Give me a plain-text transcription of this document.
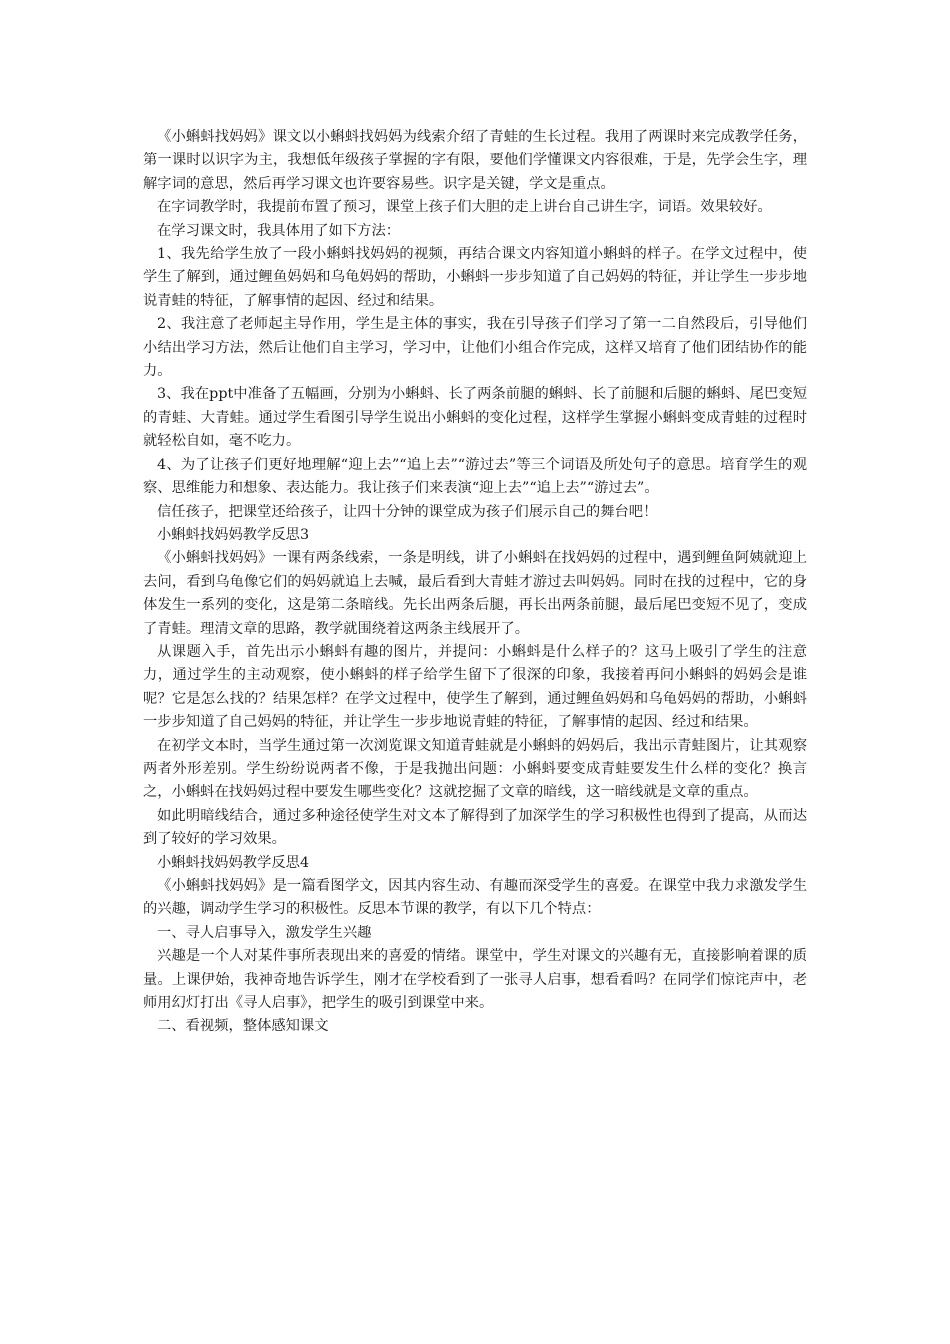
《小蝌蚪找妈妈》课文以小蝌蚪找妈妈为线索介绍了青蛙的生长过程。我用了两课时来完成教学任务，第一课时以识字为主，我想低年级孩子掌握的字有限，要他们学懂课文内容很难，于是，先学会生字，理解字词的意思，然后再学习课文也许要容易些。识字是关键，学文是重点。

在字词教学时，我提前布置了预习，课堂上孩子们大胆的走上讲台自己讲生字，词语。效果较好。

在学习课文时，我具体用了如下方法：

1、我先给学生放了一段小蝌蚪找妈妈的视频，再结合课文内容知道小蝌蚪的样子。在学文过程中，使学生了解到，通过鲤鱼妈妈和乌龟妈妈的帮助，小蝌蚪一步步知道了自己妈妈的特征，并让学生一步步地说青蛙的特征，了解事情的起因、经过和结果。

2、我注意了老师起主导作用，学生是主体的事实，我在引导孩子们学习了第一二自然段后，引导他们小结出学习方法，然后让他们自主学习，学习中，让他们小组合作完成，这样又培育了他们团结协作的能力。

3、我在ppt中准备了五幅画，分别为小蝌蚪、长了两条前腿的蝌蚪、长了前腿和后腿的蝌蚪、尾巴变短的青蛙、大青蛙。通过学生看图引导学生说出小蝌蚪的变化过程，这样学生掌握小蝌蚪变成青蛙的过程时就轻松自如，毫不吃力。

4、为了让孩子们更好地理解“迎上去”“追上去”“游过去”等三个词语及所处句子的意思。培育学生的观察、思维能力和想象、表达能力。我让孩子们来表演“迎上去”“追上去”“游过去”。

信任孩子，把课堂还给孩子，让四十分钟的课堂成为孩子们展示自己的舞台吧！

小蝌蚪找妈妈教学反思3

《小蝌蚪找妈妈》一课有两条线索，一条是明线，讲了小蝌蚪在找妈妈的过程中，遇到鲤鱼阿姨就迎上去问，看到乌龟像它们的妈妈就追上去喊，最后看到大青蛙才游过去叫妈妈。同时在找的过程中，它的身体发生一系列的变化，这是第二条暗线。先长出两条后腿，再长出两条前腿，最后尾巴变短不见了，变成了青蛙。理清文章的思路，教学就围绕着这两条主线展开了。

从课题入手，首先出示小蝌蚪有趣的图片，并提问：小蝌蚪是什么样子的？这马上吸引了学生的注意力，通过学生的主动观察，使小蝌蚪的样子给学生留下了很深的印象，我接着再问小蝌蚪的妈妈会是谁呢？它是怎么找的？结果怎样？在学文过程中，使学生了解到，通过鲤鱼妈妈和乌龟妈妈的帮助，小蝌蚪一步步知道了自己妈妈的特征，并让学生一步步地说青蛙的特征，了解事情的起因、经过和结果。

在初学文本时，当学生通过第一次浏览课文知道青蛙就是小蝌蚪的妈妈后，我出示青蛙图片，让其观察两者外形差别。学生纷纷说两者不像，于是我抛出问题：小蝌蚪要变成青蛙要发生什么样的变化？换言之，小蝌蚪在找妈妈过程中要发生哪些变化？这就挖掘了文章的暗线，这一暗线就是文章的重点。

如此明暗线结合，通过多种途径使学生对文本了解得到了加深学生的学习积极性也得到了提高，从而达到了较好的学习效果。

小蝌蚪找妈妈教学反思4

《小蝌蚪找妈妈》是一篇看图学文，因其内容生动、有趣而深受学生的喜爱。在课堂中我力求激发学生的兴趣，调动学生学习的积极性。反思本节课的教学，有以下几个特点：

一、寻人启事导入，激发学生兴趣

兴趣是一个人对某件事所表现出来的喜爱的情绪。课堂中，学生对课文的兴趣有无，直接影响着课的质量。上课伊始，我神奇地告诉学生，刚才在学校看到了一张寻人启事，想看看吗？在同学们惊诧声中，老师用幻灯打出《寻人启事》，把学生的吸引到课堂中来。

二、看视频，整体感知课文
